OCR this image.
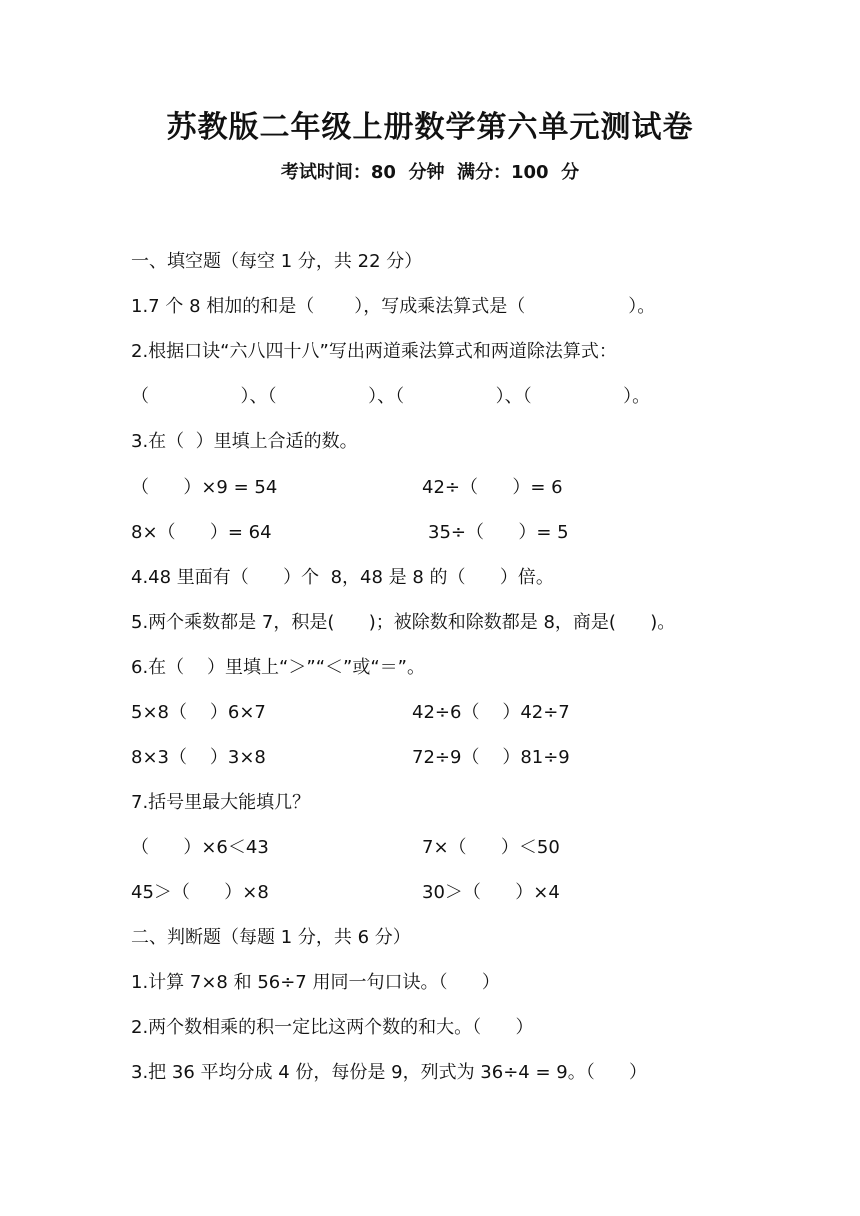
苏教版二年级上册数学第六单元测试卷
考试时间：80  分钟  满分：100  分
一、填空题（每空 1 分，共 22 分）
1.7 个 8 相加的和是（       ），写成乘法算式是（                  ）。
2.根据口诀“六八四十八”写出两道乘法算式和两道除法算式：
（                ）、（                ）、（                ）、（                ）。
3.在（  ）里填上合适的数。
（      ）×9 = 54	42÷（      ）= 6
8×（      ）= 64	35÷（      ）= 5
4.48 里面有（      ）个  8，48 是 8 的（      ）倍。
5.两个乘数都是 7，积是(      )；被除数和除数都是 8，商是(      )。
6.在（    ）里填上“＞”“＜”或“＝”。
5×8（    ）6×7	42÷6（    ）42÷7
8×3（    ）3×8	72÷9（    ）81÷9
7.括号里最大能填几？
（      ）×6＜43	7×（      ）＜50
45＞（      ）×8	30＞（      ）×4
二、判断题（每题 1 分，共 6 分）
1.计算 7×8 和 56÷7 用同一句口诀。（      ）
2.两个数相乘的积一定比这两个数的和大。（      ）
3.把 36 平均分成 4 份，每份是 9，列式为 36÷4 = 9。（      ）
